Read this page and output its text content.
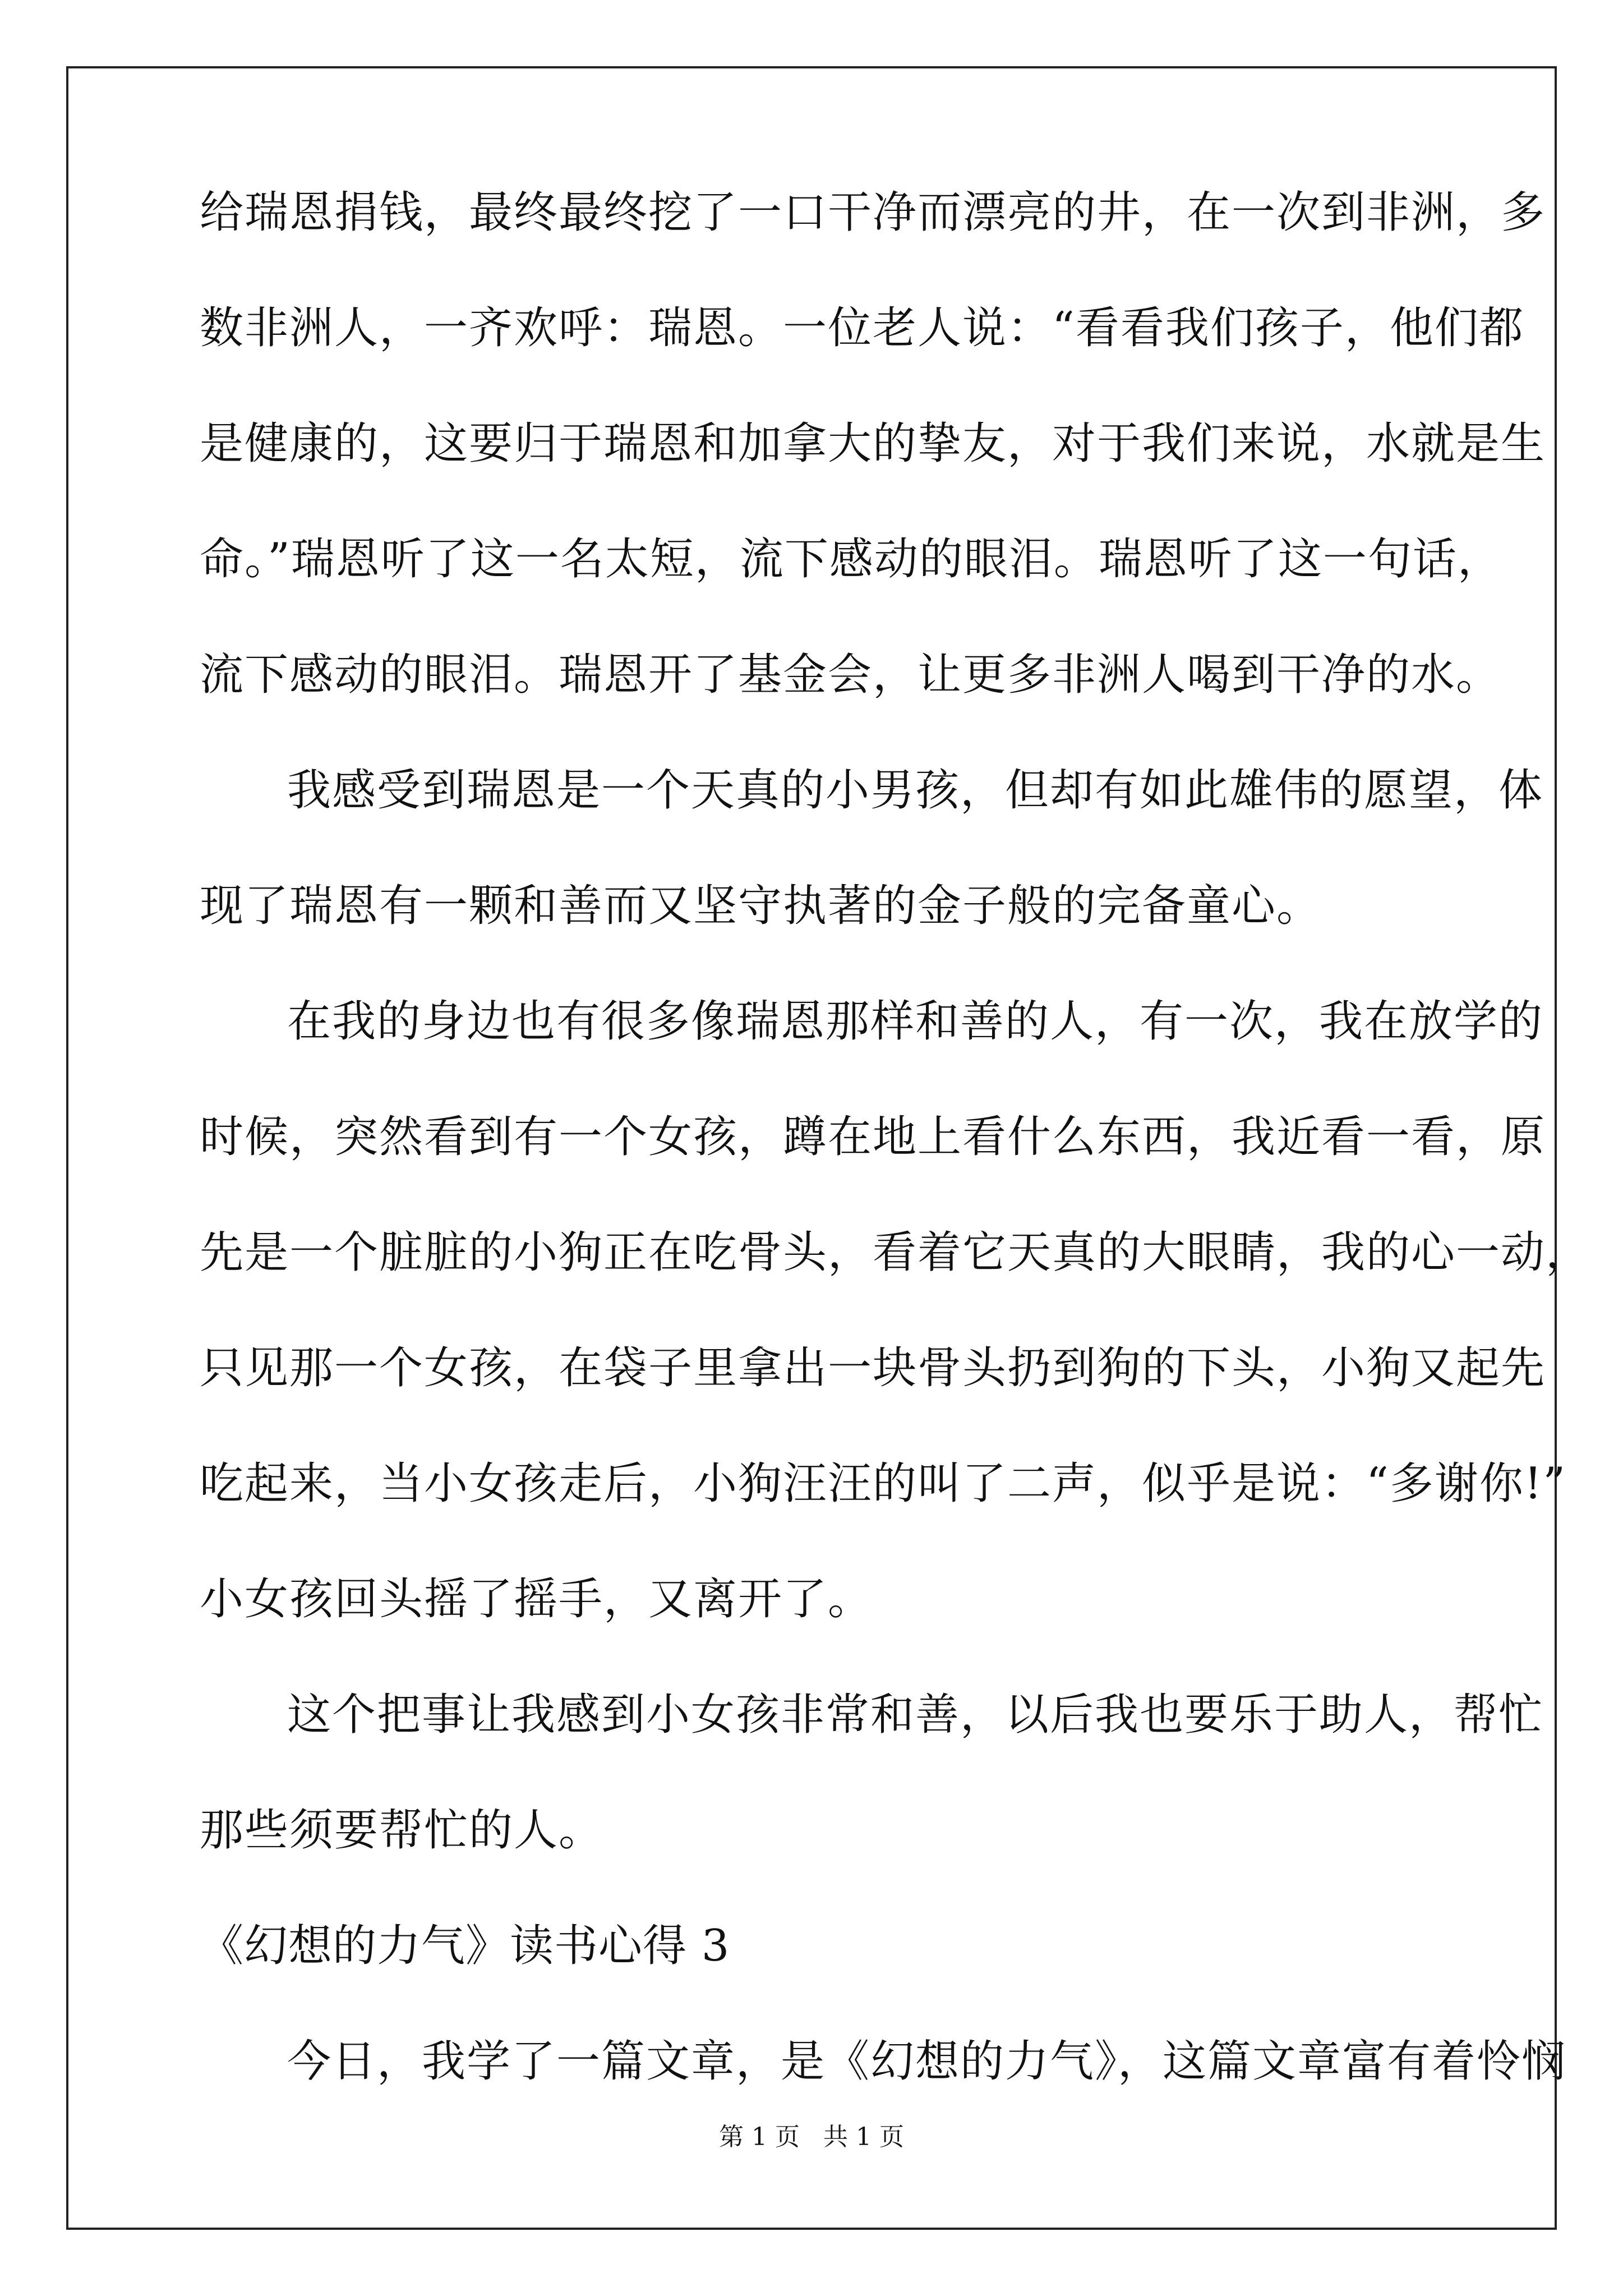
给瑞恩捐钱，最终最终挖了一口干净而漂亮的井，在一次到非洲，多
数非洲人，一齐欢呼：瑞恩。一位老人说：“看看我们孩子，他们都
是健康的，这要归于瑞恩和加拿大的挚友，对于我们来说，水就是生
命。”瑞恩听了这一名太短，流下感动的眼泪。瑞恩听了这一句话，
流下感动的眼泪。瑞恩开了基金会，让更多非洲人喝到干净的水。
我感受到瑞恩是一个天真的小男孩，但却有如此雄伟的愿望，体
现了瑞恩有一颗和善而又坚守执著的金子般的完备童心。
在我的身边也有很多像瑞恩那样和善的人，有一次，我在放学的
时候，突然看到有一个女孩，蹲在地上看什么东西，我近看一看，原
先是一个脏脏的小狗正在吃骨头，看着它天真的大眼睛，我的心一动，
只见那一个女孩，在袋子里拿出一块骨头扔到狗的下头，小狗又起先
吃起来，当小女孩走后，小狗汪汪的叫了二声，似乎是说：“多谢你!”
小女孩回头摇了摇手，又离开了。
这个把事让我感到小女孩非常和善，以后我也要乐于助人，帮忙
那些须要帮忙的人。
《幻想的力气》读书心得 3
今日，我学了一篇文章，是《幻想的力气》，这篇文章富有着怜悯
第 1 页   共 1 页
